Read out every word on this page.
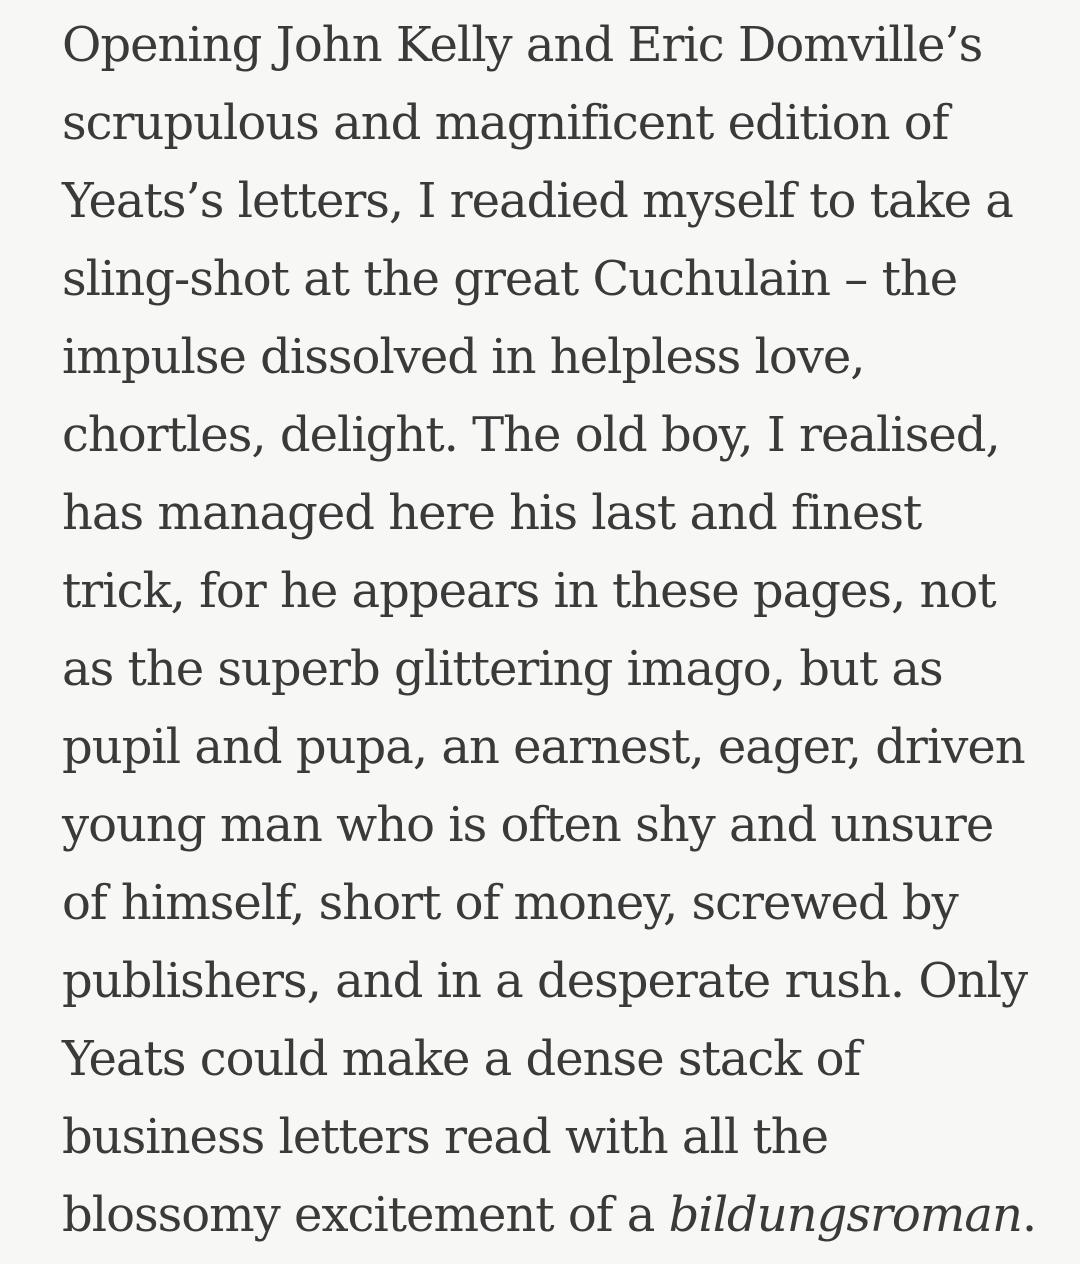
Opening John Kelly and Eric Domville’s
scrupulous and magnificent edition of
Yeats’s letters, I readied myself to take a
sling-shot at the great Cuchulain – the
impulse dissolved in helpless love,
chortles, delight. The old boy, I realised,
has managed here his last and finest
trick, for he appears in these pages, not
as the superb glittering imago, but as
pupil and pupa, an earnest, eager, driven
young man who is often shy and unsure
of himself, short of money, screwed by
publishers, and in a desperate rush. Only
Yeats could make a dense stack of
business letters read with all the
blossomy excitement of a bildungsroman.
